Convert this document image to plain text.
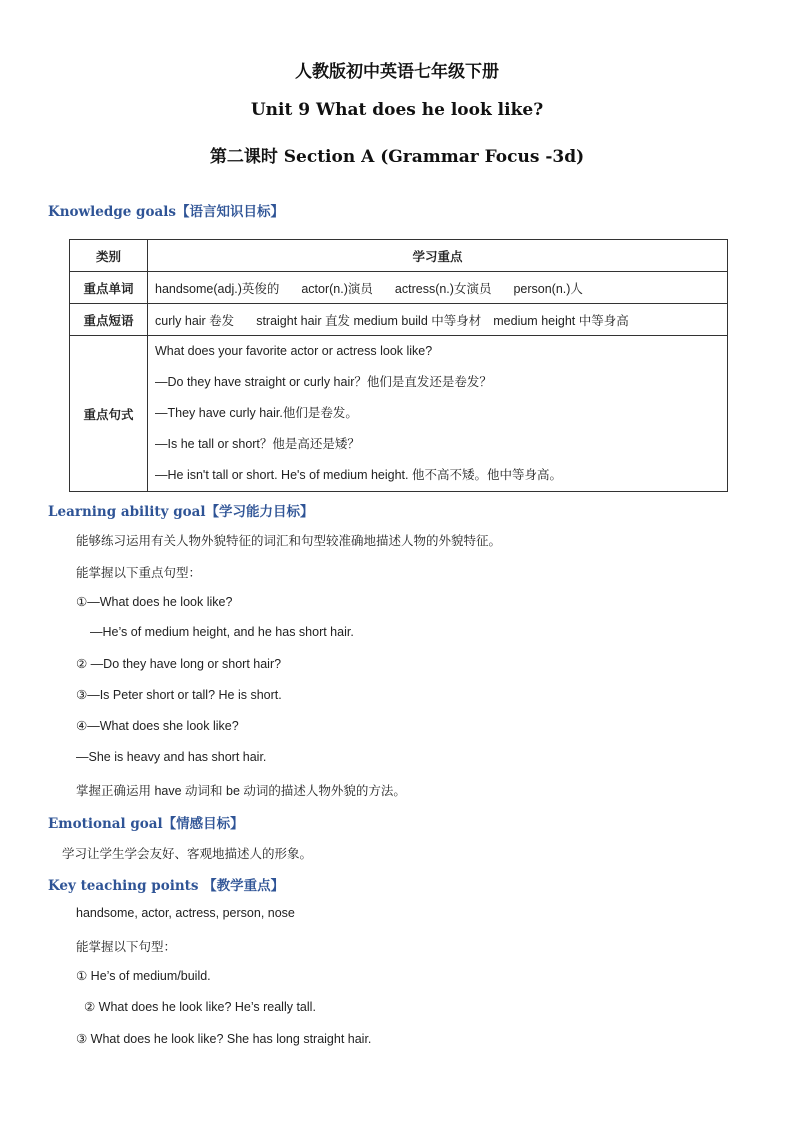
人教版初中英语七年级下册
Unit 9 What does he look like?
第二课时 Section A (Grammar Focus -3d)
Knowledge goals【语言知识目标】
类别	学习重点
重点单词	handsome(adj.)英俊的 actor(n.)演员 actress(n.)女演员 person(n.)人
重点短语	curly hair 卷发 straight hair 直发 medium build 中等身材 medium height 中等身高
重点句式	What does your favorite actor or actress look like?
—Do they have straight or curly hair？他们是直发还是卷发？
—They have curly hair.他们是卷发。
—Is he tall or short？他是高还是矮？
—He isn't tall or short. He's of medium height. 他不高不矮。他中等身高。
Learning ability goal【学习能力目标】
能够练习运用有关人物外貌特征的词汇和句型较准确地描述人物的外貌特征。
能掌握以下重点句型：
①—What does he look like?
—He’s of medium height, and he has short hair.
② —Do they have long or short hair?
③—Is Peter short or tall? He is short.
④—What does she look like?
—She is heavy and has short hair.
掌握正确运用 have 动词和 be 动词的描述人物外貌的方法。
Emotional goal【情感目标】
学习让学生学会友好、客观地描述人的形象。
Key teaching points 【教学重点】
handsome, actor, actress, person, nose
能掌握以下句型：
① He’s of medium/build.
② What does he look like? He’s really tall.
③ What does he look like? She has long straight hair.
